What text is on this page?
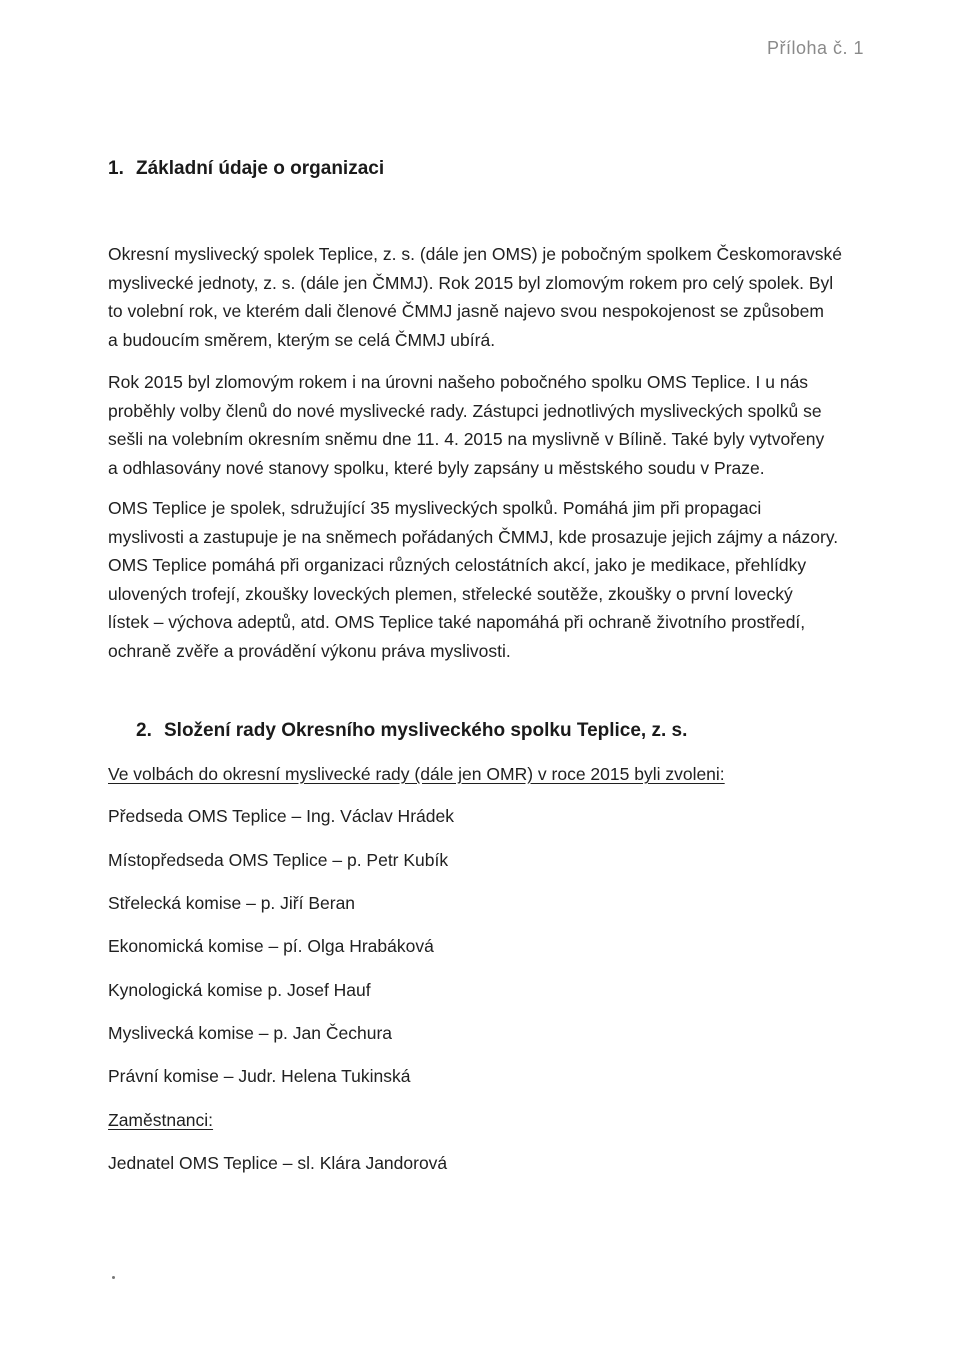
Příloha č. 1
1. Základní údaje o organizaci

Okresní myslivecký spolek Teplice, z. s. (dále jen OMS) je pobočným spolkem Českomoravské

myslivecké jednoty, z. s. (dále jen ČMMJ). Rok 2015 byl zlomovým rokem pro celý spolek. Byl

to volební rok, ve kterém dali členové ČMMJ jasně najevo svou nespokojenost se způsobem

a budoucím směrem, kterým se celá ČMMJ ubírá.

Rok 2015 byl zlomovým rokem i na úrovni našeho pobočného spolku OMS Teplice. I u nás

proběhly volby členů do nové myslivecké rady. Zástupci jednotlivých mysliveckých spolků se

sešli na volebním okresním sněmu dne 11. 4. 2015 na myslivně v Bílině. Také byly vytvořeny

a odhlasovány nové stanovy spolku, které byly zapsány u městského soudu v Praze.

OMS Teplice je spolek, sdružující 35 mysliveckých spolků. Pomáhá jim při propagaci

myslivosti a zastupuje je na sněmech pořádaných ČMMJ, kde prosazuje jejich zájmy a názory.

OMS Teplice pomáhá při organizaci různých celostátních akcí, jako je medikace, přehlídky

ulovených trofejí, zkoušky loveckých plemen, střelecké soutěže, zkoušky o první lovecký

lístek – výchova adeptů, atd. OMS Teplice také napomáhá při ochraně životního prostředí,

ochraně zvěře a provádění výkonu práva myslivosti.

2. Složení rady Okresního mysliveckého spolku Teplice, z. s.
Ve volbách do okresní myslivecké rady (dále jen OMR) v roce 2015 byli zvoleni:
Předseda OMS Teplice – Ing. Václav Hrádek
Místopředseda OMS Teplice – p. Petr Kubík
Střelecká komise – p. Jiří Beran
Ekonomická komise – pí. Olga Hrabáková
Kynologická komise p. Josef Hauf
Myslivecká komise – p. Jan Čechura
Právní komise – Judr. Helena Tukinská
Zaměstnanci:
Jednatel OMS Teplice – sl. Klára Jandorová
